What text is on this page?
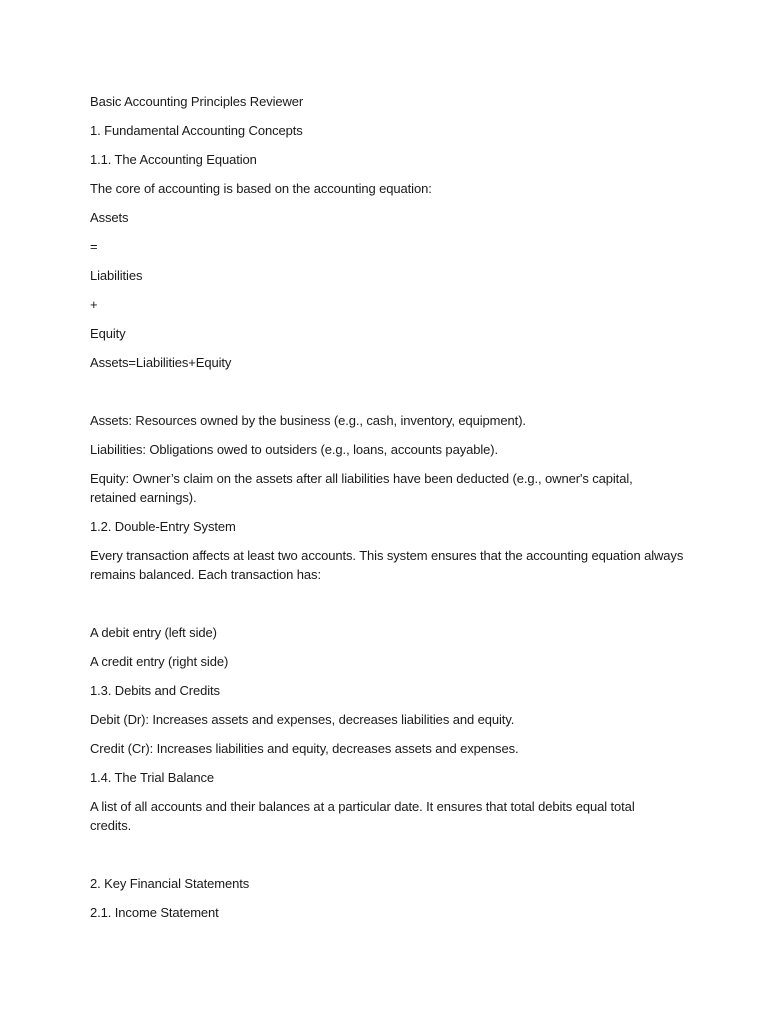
Basic Accounting Principles Reviewer

1. Fundamental Accounting Concepts

1.1. The Accounting Equation

The core of accounting is based on the accounting equation:

Assets

=

Liabilities

+

Equity

Assets=Liabilities+Equity

Assets: Resources owned by the business (e.g., cash, inventory, equipment).

Liabilities: Obligations owed to outsiders (e.g., loans, accounts payable).

Equity: Owner’s claim on the assets after all liabilities have been deducted (e.g., owner's capital,

retained earnings).

1.2. Double-Entry System

Every transaction affects at least two accounts. This system ensures that the accounting equation always

remains balanced. Each transaction has:

A debit entry (left side)

A credit entry (right side)

1.3. Debits and Credits

Debit (Dr): Increases assets and expenses, decreases liabilities and equity.

Credit (Cr): Increases liabilities and equity, decreases assets and expenses.

1.4. The Trial Balance

A list of all accounts and their balances at a particular date. It ensures that total debits equal total

credits.

2. Key Financial Statements

2.1. Income Statement
